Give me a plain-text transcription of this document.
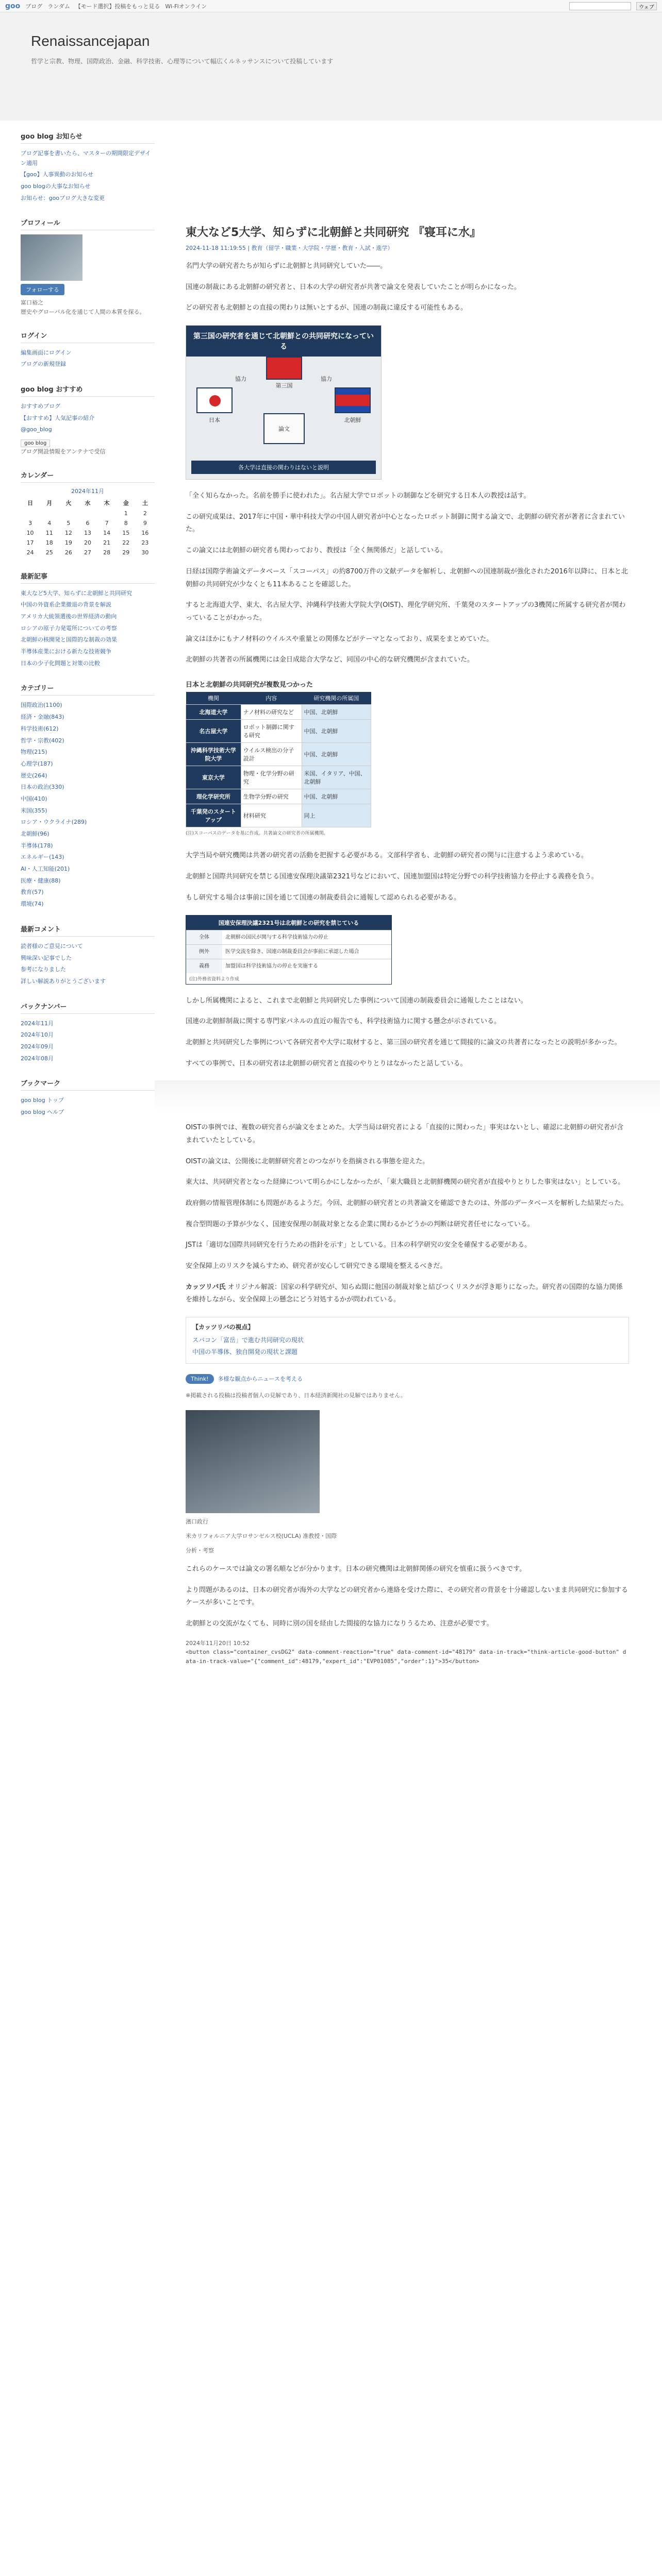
goo ブログ ランダム 【モード選択】投稿をもっと見る Wi-Fiオンライン	ウェブ
Renaissancejapan
哲学と宗教、物理、国際政治、金融、科学技術、心理等について幅広くルネッサンスについて投稿しています
goo blog お知らせ
ブログ記事を書いたら、マスターの期間限定デザイン適用
【goo】人事異動のお知らせ
goo blogの大事なお知らせ
お知らせ：gooブログ大きな変更
プロフィール
フォローする
富口裕之
歴史やグローバル化を通じて人間の本質を探る。
ログイン
編集画面にログイン
ブログの新規登録
goo blog おすすめ
おすすめブログ
【おすすめ】人気記事の紹介
@goo_blog
goo blog
ブログ開設情報をアンテナで受信
カレンダー
2024年11月
日	月	火	水	木	金	土
					1	2
3	4	5	6	7	8	9
10	11	12	13	14	15	16
17	18	19	20	21	22	23
24	25	26	27	28	29	30
最新記事
東大など5大学、知らずに北朝鮮と共同研究
中国の外資系企業撤退の背景を解説
アメリカ大統領選後の世界経済の動向
ロシアの原子力発電所についての考察
北朝鮮の核開発と国際的な制裁の効果
半導体産業における新たな技術競争
日本の少子化問題と対策の比較
カテゴリー
国際政治(1100)
経済・金融(843)
科学技術(612)
哲学・宗教(402)
物理(215)
心理学(187)
歴史(264)
日本の政治(330)
中国(410)
米国(355)
ロシア・ウクライナ(289)
北朝鮮(96)
半導体(178)
エネルギー(143)
AI・人工知能(201)
医療・健康(88)
教育(57)
環境(74)
最新コメント
読者様のご意見について
興味深い記事でした
参考になりました
詳しい解説ありがとうございます
バックナンバー
2024年11月
2024年10月
2024年09月
2024年08月
ブックマーク
goo blog トップ
goo blog ヘルプ
東大など5大学、知らずに北朝鮮と共同研究 『寝耳に水』
2024-11-18 11:19:55 | 教育（留学・職業・大学院・学歴・教育・入試・進学）

名門大学の研究者たちが知らずに北朝鮮と共同研究していた――。

国連の制裁にある北朝鮮の研究者と、日本の大学の研究者が共著で論文を発表していたことが明らかになった。

どの研究者も北朝鮮との直接の関わりは無いとするが、国連の制裁に違反する可能性もある。

第三国の研究者を通じて北朝鮮との共同研究になっている
第三国
協力	協力
日本	北朝鮮
論文
各大学は直接の関わりはないと説明

「全く知らなかった。名前を勝手に使われた」。名古屋大学でロボットの制御などを研究する日本人の教授は話す。

この研究成果は、2017年に中国・華中科技大学の中国人研究者が中心となったロボット制御に関する論文で、北朝鮮の研究者が著者に含まれていた。

この論文には北朝鮮の研究者も関わっており、教授は「全く無関係だ」と話している。

日経は国際学術論文データベース「スコーパス」の約8700万件の文献データを解析し、北朝鮮への国連制裁が強化された2016年以降に、日本と北朝鮮の共同研究が少なくとも11本あることを確認した。

すると北海道大学、東大、名古屋大学、沖縄科学技術大学院大学(OIST)、理化学研究所、千葉発のスタートアップの3機関に所属する研究者が関わっていることがわかった。

論文はほかにもナノ材料のウイルスや重量との関係などがテーマとなっており、成果をまとめていた。

北朝鮮の共著者の所属機関には金日成総合大学など、同国の中心的な研究機関が含まれていた。

日本と北朝鮮の共同研究が複数見つかった
機関	内容	研究機関の所属国
北海道大学	ナノ材料の研究など	中国、北朝鮮
名古屋大学	ロボット制御に関する研究	中国、北朝鮮
沖縄科学技術大学院大学	ウイルス検出の分子設計	中国、北朝鮮
東京大学	物理・化学分野の研究	米国、イタリア、中国、北朝鮮
理化学研究所	生物学分野の研究	中国、北朝鮮
千葉発のスタートアップ	材料研究	同上
(注)スコーパスのデータを基に作成。共著論文の研究者の所属機関。

大学当局や研究機関は共著の研究者の活動を把握する必要がある。文部科学省も、北朝鮮の研究者の関与に注意するよう求めている。

北朝鮮と国際共同研究を禁じる国連安保理決議第2321号などにおいて、国連加盟国は特定分野での科学技術協力を停止する義務を負う。

もし研究する場合は事前に国を通じて国連の制裁委員会に通報して認められる必要がある。

国連安保理決議2321号は北朝鮮との研究を禁じている
全体	北朝鮮の国民が関与する科学技術協力の停止
例外	医学交流を除き、国連の制裁委員会が事前に承認した場合
義務	加盟国は科学技術協力の停止を実施する
(注)外務省資料より作成

しかし所属機関によると、これまで北朝鮮と共同研究した事例について国連の制裁委員会に通報したことはない。

国連の北朝鮮制裁に関する専門家パネルの直近の報告でも、科学技術協力に関する懸念が示されている。

北朝鮮と共同研究した事例について各研究者や大学に取材すると、第三国の研究者を通じて間接的に論文の共著者になったとの説明が多かった。

すべての事例で、日本の研究者は北朝鮮の研究者と直接のやりとりはなかったと話している。

OISTの事例では、複数の研究者らが論文をまとめた。大学当局は研究者による「直接的に関わった」事実はないとし、確認に北朝鮮の研究者が含まれていたとしている。

OISTの論文は、公開後に北朝鮮研究者とのつながりを指摘される事態を迎えた。

東大は、共同研究者となった経緯について明らかにしなかったが、「東大職員と北朝鮮機関の研究者が直接やりとりした事実はない」としている。

政府側の情報管理体制にも問題があるようだ。今回、北朝鮮の研究者との共著論文を確認できたのは、外部のデータベースを解析した結果だった。

複合型問題の予算が少なく、国連安保理の制裁対象となる企業に関わるかどうかの判断は研究者任せになっている。

JSTは「適切な国際共同研究を行うための指針を示す」としている。日本の科学研究の安全を確保する必要がある。

安全保障上のリスクを減らすため、研究者が安心して研究できる環境を整えるべきだ。

カッツリバ氏 オリジナル解説：国家の科学研究が、知らぬ間に他国の制裁対象と結びつくリスクが浮き彫りになった。研究者の国際的な協力関係を維持しながら、安全保障上の懸念にどう対処するかが問われている。

【カッツリバの視点】
スパコン「富岳」で進む共同研究の現状
中国の半導体、独自開発の現状と課題
Think!	多様な観点からニュースを考える
※掲載される投稿は投稿者個人の見解であり、日本経済新聞社の見解ではありません。
濱口政行
米カリフォルニア大学ロサンゼルス校(UCLA) 准教授・国際
分析・考察

これらのケースでは論文の署名順などが分かります。日本の研究機関は北朝鮮関係の研究を慎重に扱うべきです。

より問題があるのは、日本の研究者が海外の大学などの研究者から連絡を受けた際に、その研究者の背景を十分確認しないまま共同研究に参加するケースが多いことです。

北朝鮮との交流がなくても、同時に別の国を経由した間接的な協力になりうるため、注意が必要です。

2024年11月20日 10:52
<button class="container_cvsDG2" data-comment-reaction="true" data-comment-id="48179" data-in-track="think-article-good-button" data-in-track-value="{"comment_id":48179,"expert_id":"EVP01085","order":1}">35</button>
